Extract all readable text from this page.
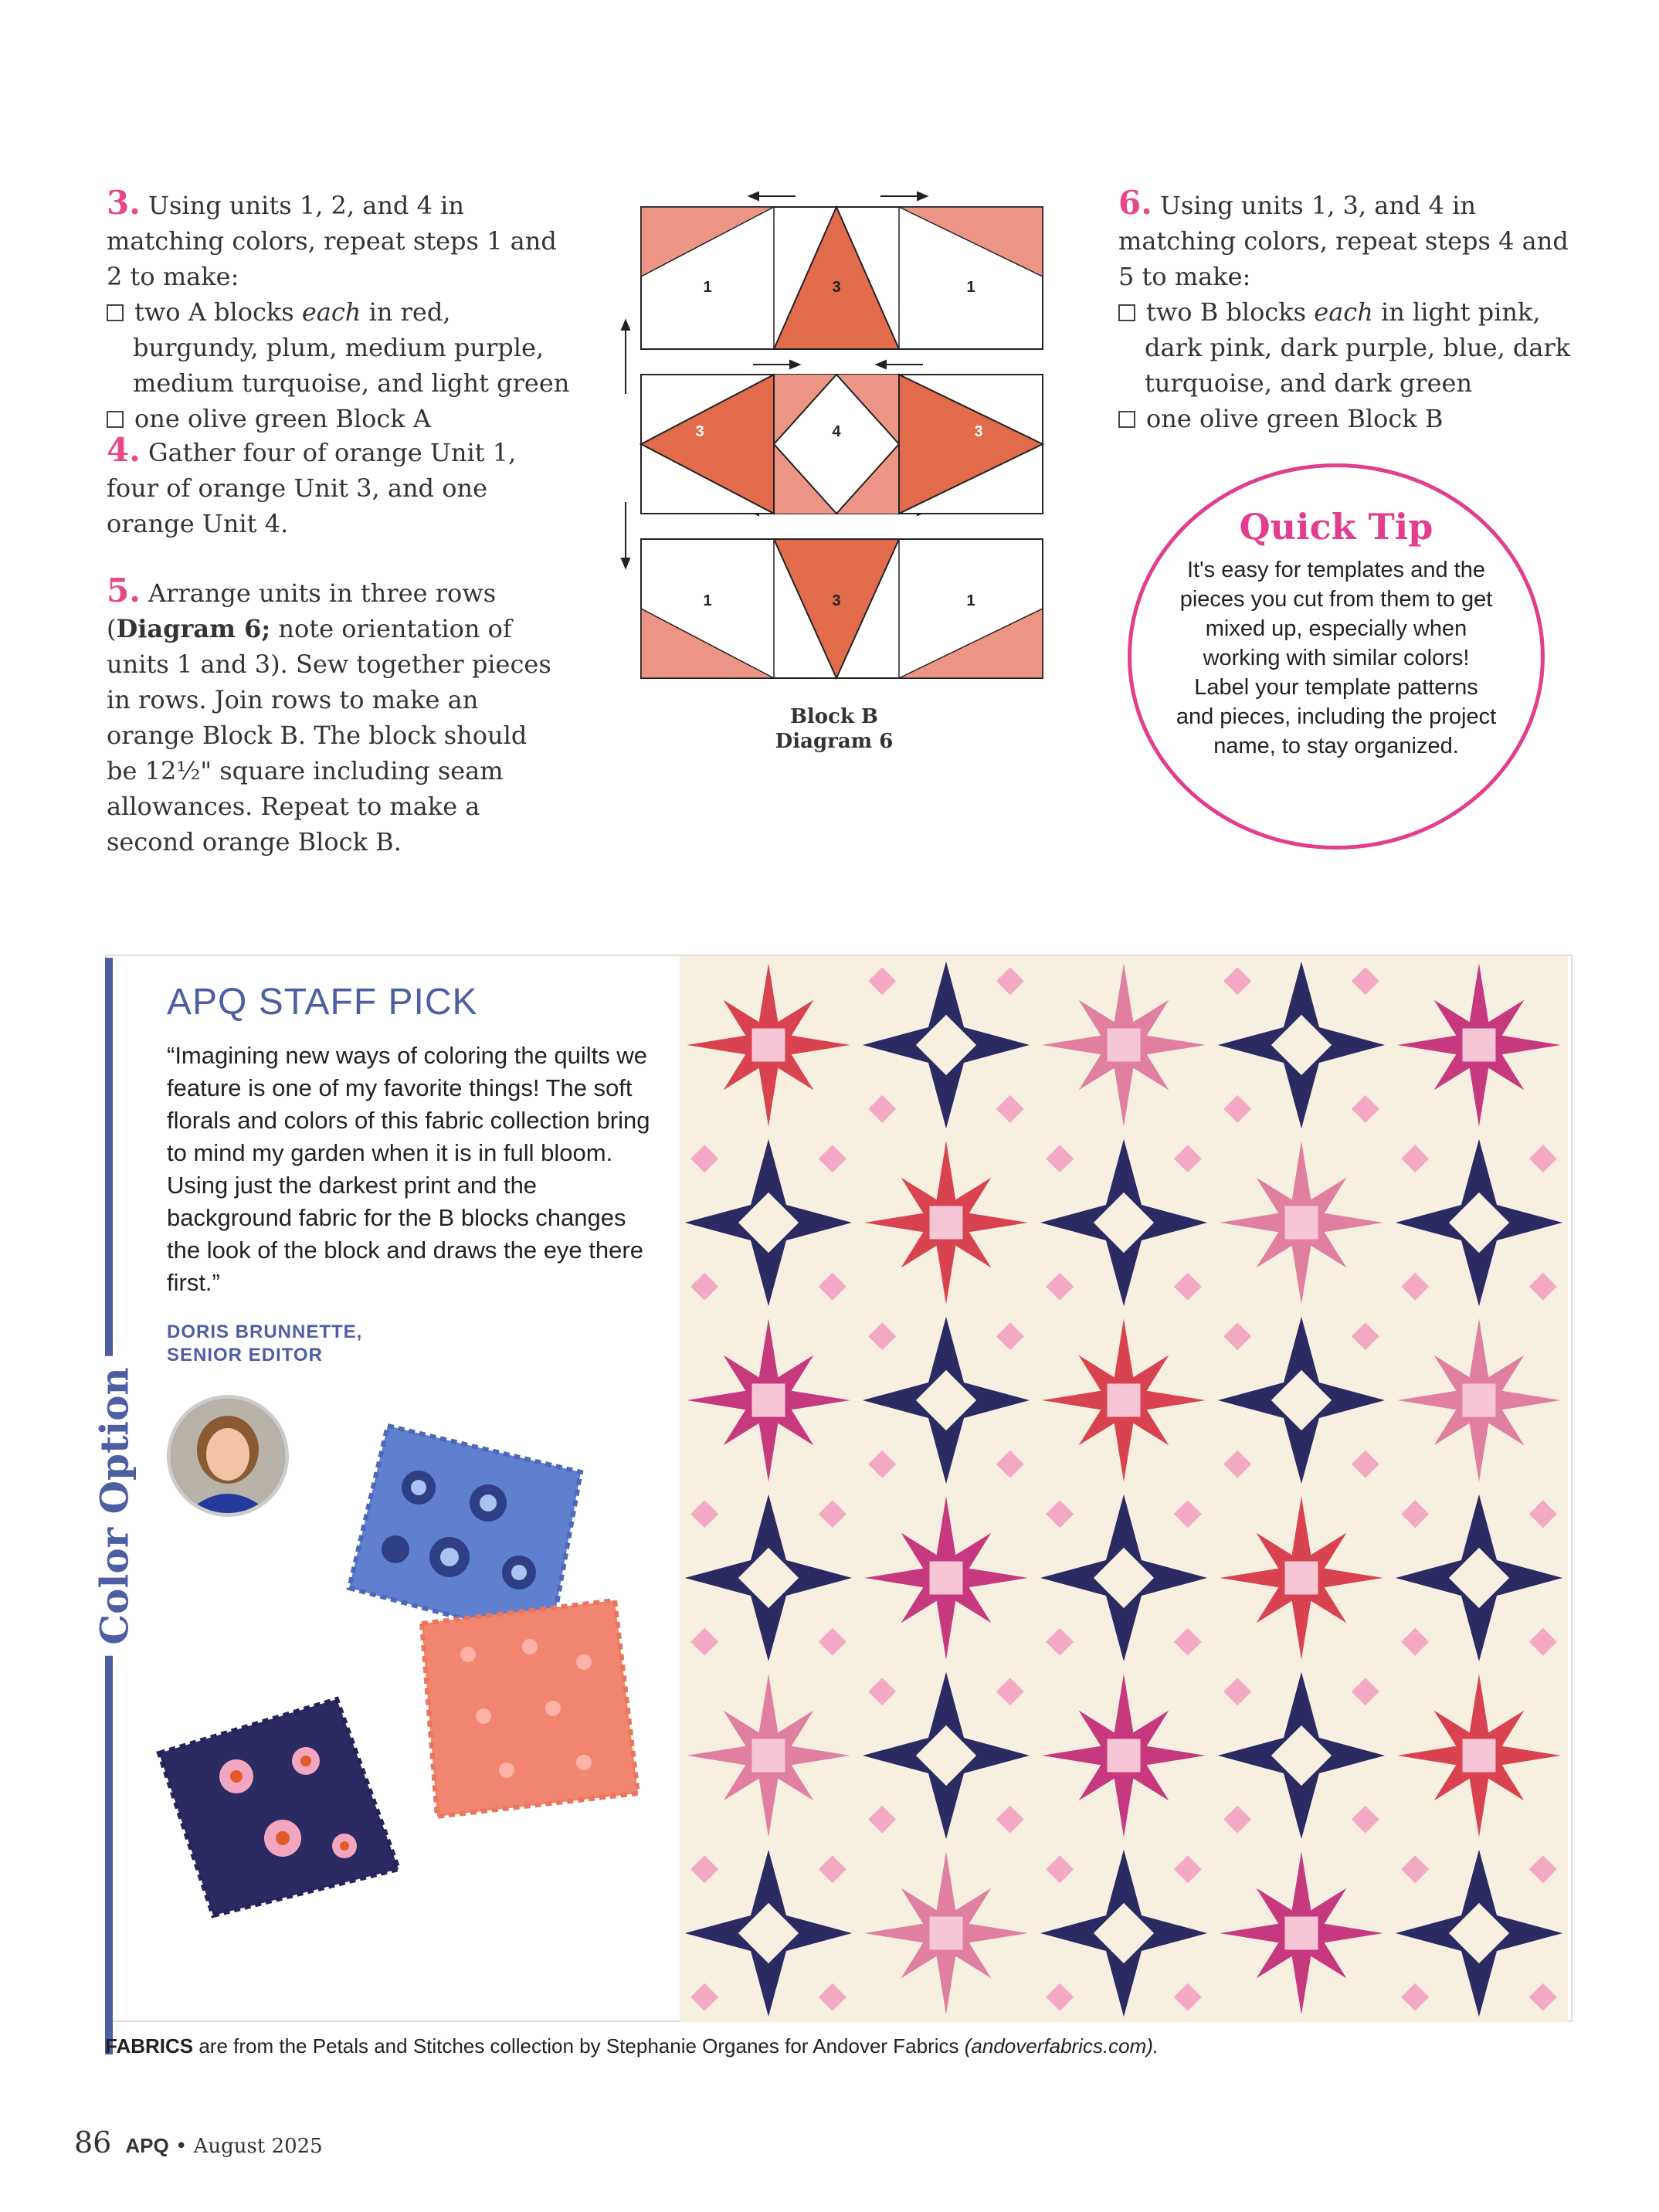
3. Using units 1, 2, and 4 in matching colors, repeat steps 1 and 2 to make:
two A blocks each in red, burgundy, plum, medium purple, medium turquoise, and light green
one olive green Block A
4. Gather four of orange Unit 1, four of orange Unit 3, and one orange Unit 4.
5. Arrange units in three rows (Diagram 6; note orientation of units 1 and 3). Sew together pieces in rows. Join rows to make an orange Block B. The block should be 12½" square including seam allowances. Repeat to make a second orange Block B.
6. Using units 1, 3, and 4 in matching colors, repeat steps 4 and 5 to make:
two B blocks each in light pink, dark pink, dark purple, blue, dark turquoise, and dark green
one olive green Block B
1	3	1
3	4	3
1	3	1
Block B
Diagram 6
Quick Tip
It's easy for templates and the pieces you cut from them to get mixed up, especially when working with similar colors! Label your template patterns and pieces, including the project name, to stay organized.
Color Option
APQ STAFF PICK
“Imagining new ways of coloring the quilts we feature is one of my favorite things! The soft florals and colors of this fabric collection bring to mind my garden when it is in full bloom. Using just the darkest print and the background fabric for the B blocks changes the look of the block and draws the eye there first.”
DORIS BRUNNETTE,
SENIOR EDITOR
FABRICS are from the Petals and Stitches collection by Stephanie Organes for Andover Fabrics (andoverfabrics.com).
86 APQ • August 2025
